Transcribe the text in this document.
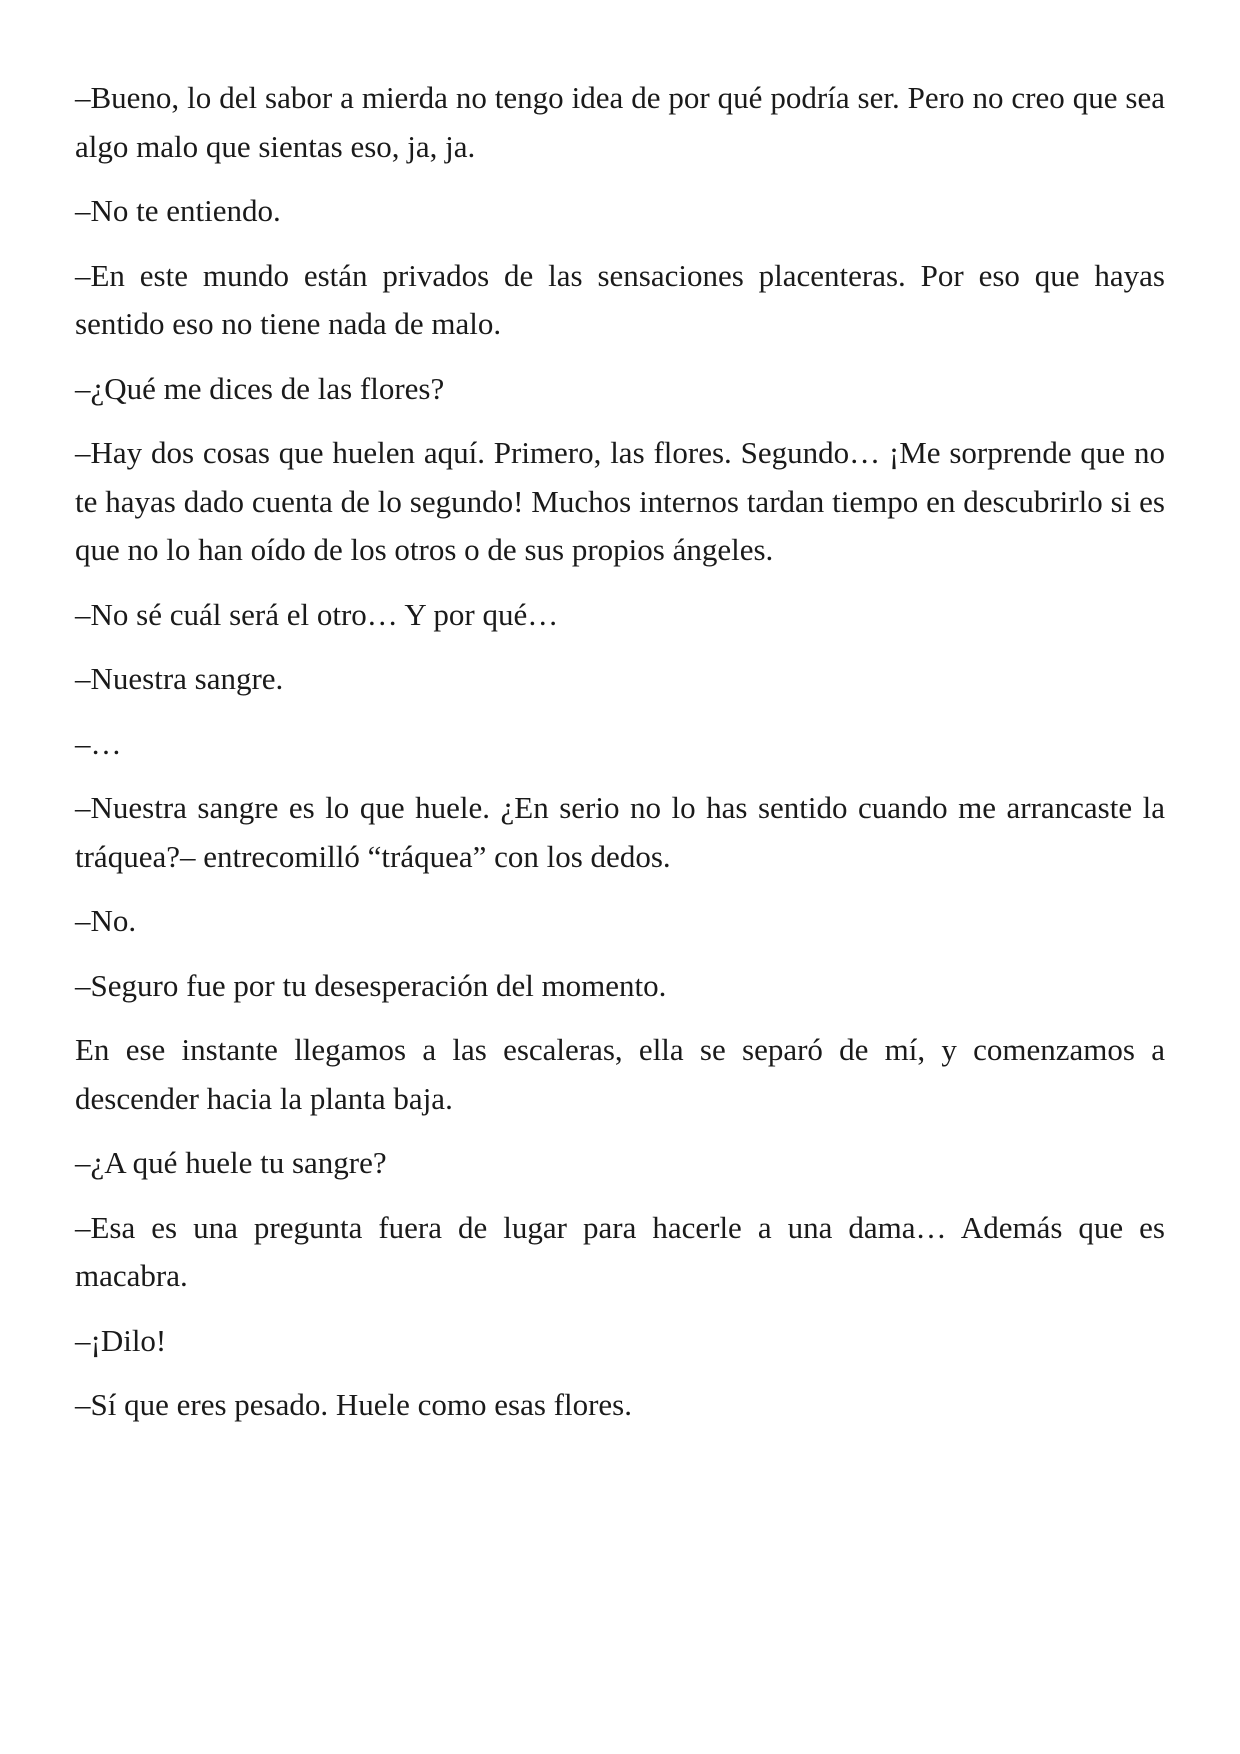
–Bueno, lo del sabor a mierda no tengo idea de por qué podría ser. Pero no creo que sea algo malo que sientas eso, ja, ja.

–No te entiendo.

–En este mundo están privados de las sensaciones placenteras. Por eso que hayas sentido eso no tiene nada de malo.

–¿Qué me dices de las flores?

–Hay dos cosas que huelen aquí. Primero, las flores. Segundo… ¡Me sorprende que no te hayas dado cuenta de lo segundo! Muchos internos tardan tiempo en descubrirlo si es que no lo han oído de los otros o de sus propios ángeles.

–No sé cuál será el otro… Y por qué…

–Nuestra sangre.

–…

–Nuestra sangre es lo que huele. ¿En serio no lo has sentido cuando me arrancaste la tráquea?– entrecomilló “tráquea” con los dedos.

–No.

–Seguro fue por tu desesperación del momento.

En ese instante llegamos a las escaleras, ella se separó de mí, y comenzamos a descender hacia la planta baja.

–¿A qué huele tu sangre?

–Esa es una pregunta fuera de lugar para hacerle a una dama… Además que es macabra.

–¡Dilo!

–Sí que eres pesado. Huele como esas flores.
